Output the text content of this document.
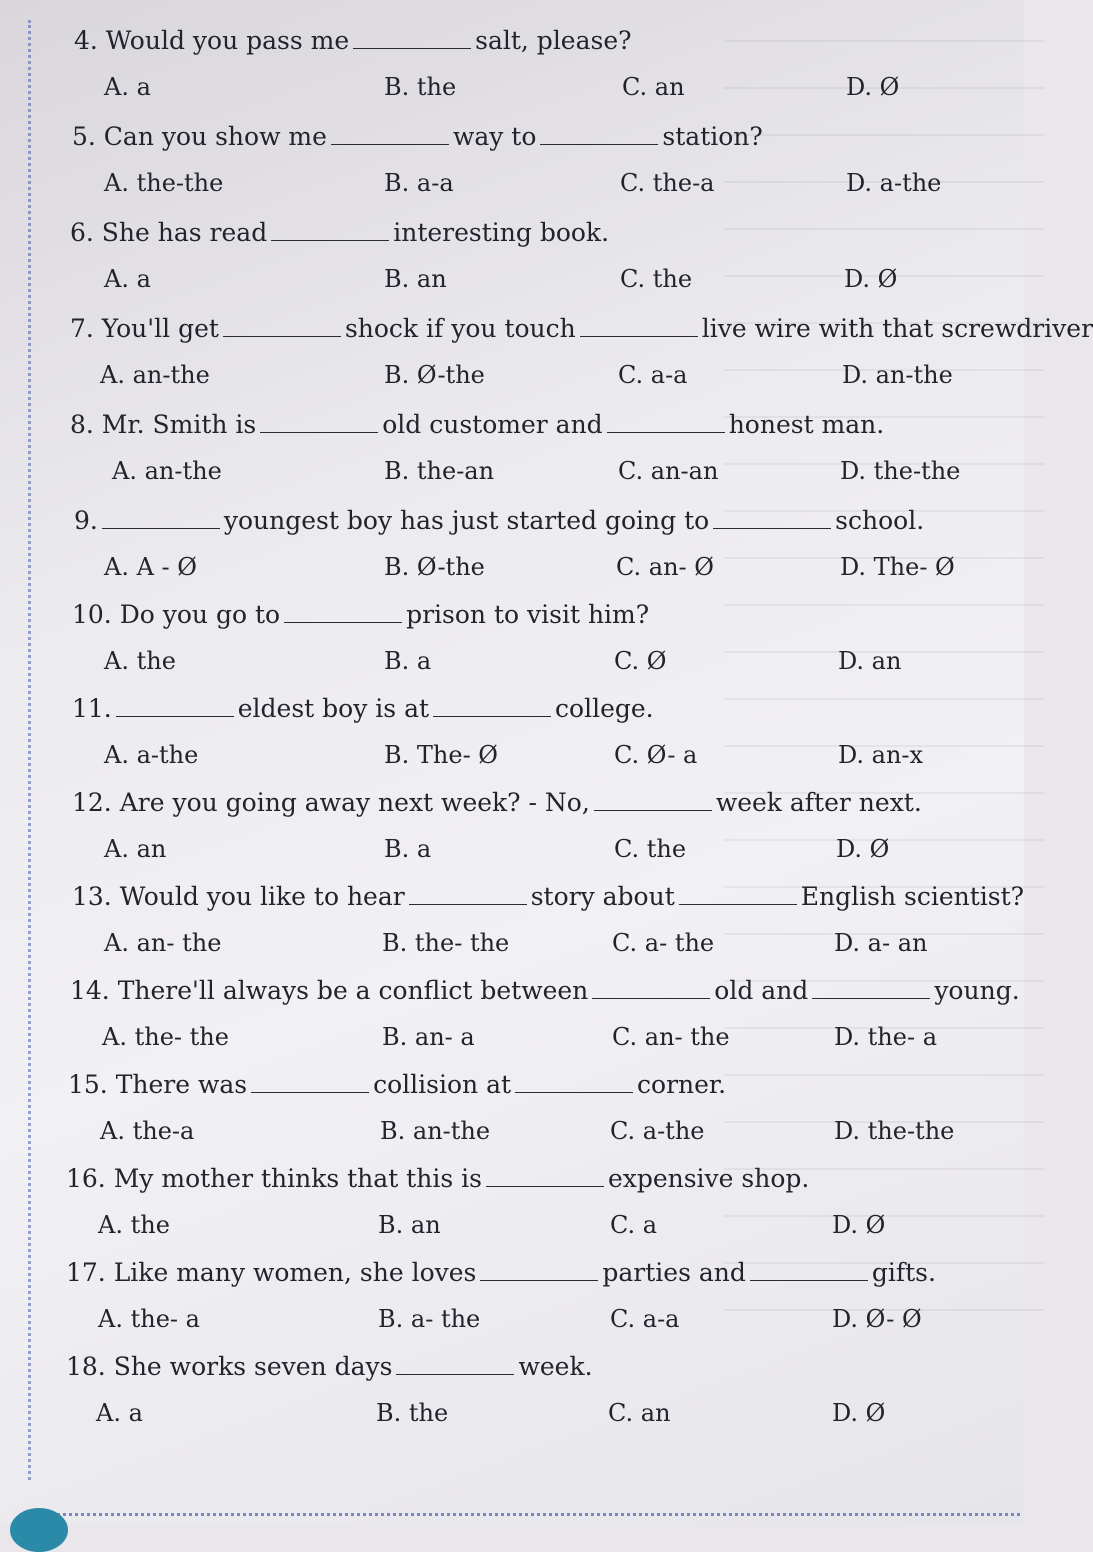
4. Would you pass me	salt, please?
A. a	B. the	C. an	D. Ø
5. Can you show me	way to	station?
A. the-the	B. a-a	C. the-a	D. a-the
6. She has read	interesting book.
A. a	B. an	C. the	D. Ø
7. You'll get	shock if you touch	live wire with that screwdriver
A. an-the	B. Ø-the	C. a-a	D. an-the
8. Mr. Smith is	old customer and	honest man.
A. an-the	B. the-an	C. an-an	D. the-the
9.	youngest boy has just started going to	school.
A. A - Ø	B. Ø-the	C. an- Ø	D. The- Ø
10. Do you go to	prison to visit him?
A. the	B. a	C. Ø	D. an
11.	eldest boy is at	college.
A. a-the	B. The- Ø	C. Ø- a	D. an-x
12. Are you going away next week? - No,	week after next.
A. an	B. a	C. the	D. Ø
13. Would you like to hear	story about	English scientist?
A. an- the	B. the- the	C. a- the	D. a- an
14. There'll always be a conflict between	old and	young.
A. the- the	B. an- a	C. an- the	D. the- a
15. There was	collision at	corner.
A. the-a	B. an-the	C. a-the	D. the-the
16. My mother thinks that this is	expensive shop.
A. the	B. an	C. a	D. Ø
17. Like many women, she loves	parties and	gifts.
A. the- a	B. a- the	C. a-a	D. Ø- Ø
18. She works seven days	week.
A. a	B. the	C. an	D. Ø
